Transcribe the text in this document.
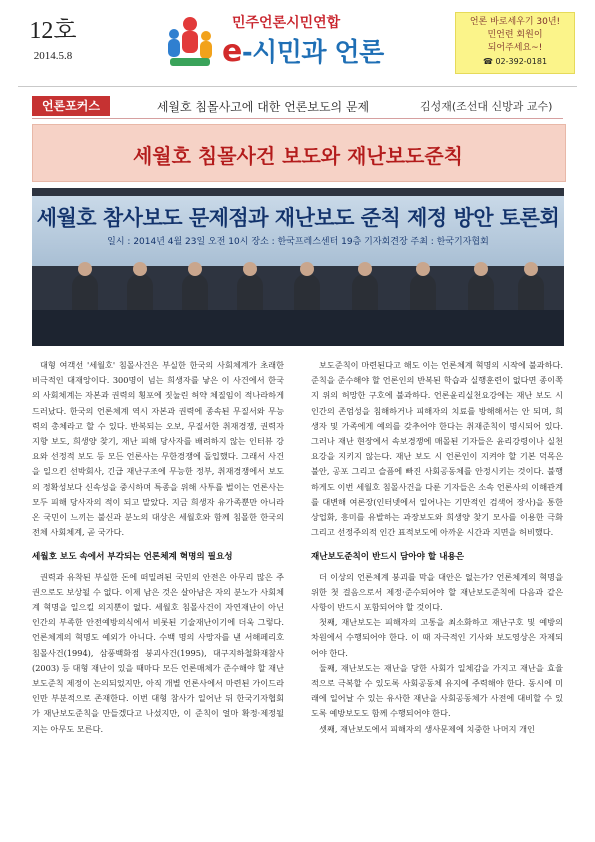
12호
2014.5.8
민주언론시민연합
e-시민과 언론
언론 바로세우기 30년!
민언련 회원이
되어주세요~!
☎ 02-392-0181
언론포커스	세월호 침몰사고에 대한 언론보도의 문제	김성재(조선대 신방과 교수)
세월호 침몰사건 보도와 재난보도준칙
세월호 참사보도 문제점과 재난보도 준칙 제정 방안 토론회
일시 : 2014년 4월 23일 오전 10시 장소 : 한국프레스센터 19층 기자회견장 주최 : 한국기자협회

대형 여객선 '세월호' 침몰사건은 부실한 한국의 사회체계가 초래한 비극적인 대재앙이다. 300명이 넘는 희생자를 낳은 이 사건에서 한국의 사회체계는 자본과 권력의 횡포에 짓눌린 허약 체질임이 적나라하게 드러났다. 한국의 언론체계 역시 자본과 권력에 종속된 무질서와 무능력의 총체라고 할 수 있다. 반복되는 오보, 무질서한 취재경쟁, 권력자 지향 보도, 희생양 찾기, 재난 피해 당사자를 배려하지 않는 인터뷰 강요와 선정적 보도 등 모든 언론사는 무한경쟁에 돌입했다. 그래서 사건을 일으킨 선박회사, 긴급 재난구조에 무능한 정부, 취재경쟁에서 보도의 정확성보다 신속성을 중시하며 특종을 위해 사투를 벌이는 언론사는 모두 피해 당사자의 적이 되고 말았다. 지금 희생자 유가족뿐만 아니라 온 국민이 느끼는 불신과 분노의 대상은 세월호와 함께 침몰한 한국의 전체 사회체계, 곧 국가다.

세월호 보도 속에서 부각되는 언론체계 혁명의 필요성

권력과 유착된 부실한 돈에 떠밀려된 국민의 안전은 아무리 많은 주권으로도 보상될 수 없다. 이제 남은 것은 살아남은 자의 분노가 사회체계 혁명을 일으킬 의지뿐이 없다. 세월호 침몰사건이 자연재난이 아닌 인간의 부족한 안전예방의식에서 비롯된 기술재난이기에 더욱 그렇다. 언론체계의 혁명도 예외가 아니다. 수백 명의 사망자를 낸 서해페리호 침몰사건(1994), 삼풍백화점 붕괴사건(1995), 대구지하철화재참사(2003) 등 대형 재난이 있을 때마다 모든 언론매체가 준수해야 할 재난보도준칙 제정이 논의되었지만, 아직 개별 언론사에서 마련된 가이드라인만 부분적으로 존재한다. 이번 대형 참사가 일어난 뒤 한국기자협회가 재난보도준칙을 만들겠다고 나섰지만, 이 준칙이 얼마 확정·제정될지는 아무도 모른다.

보도준칙이 마련된다고 해도 이는 언론체계 혁명의 시작에 불과하다. 준칙을 준수해야 할 언론인의 반복된 학습과 실행훈련이 없다면 종이쪽지 위의 허망한 구호에 불과하다. 언론윤리실천요강에는 재난 보도 시 인간의 존엄성을 침해하거나 피해자의 치료를 방해해서는 안 되며, 희생자 및 가족에게 예의를 갖추어야 한다는 취재준칙이 명시되어 있다. 그러나 재난 현장에서 속보경쟁에 매몰된 기자들은 윤리강령이나 실천요강을 지키지 않는다. 재난 보도 시 언론인이 지켜야 할 기본 덕목은 불안, 공포 그리고 슬픔에 빠진 사회공동체를 안정시키는 것이다. 불행하게도 이번 세월호 침몰사건을 다룬 기자들은 소속 언론사의 이해관계를 대변해 여론장(인터넷에서 일어나는 기만적인 검색어 장사)을 통한 상업화, 흥미를 유발하는 과장보도와 희생양 찾기 모사를 이용한 극화 그리고 선정주의적 인간 표적보도에 아까운 시간과 지면을 허비했다.

재난보도준칙이 반드시 담아야 할 내용은

더 이상의 언론체계 붕괴를 막을 대안은 없는가? 언론체계의 혁명을 위한 첫 걸음으로서 제정·준수되어야 할 재난보도준칙에 다음과 같은 사항이 반드시 포함되어야 할 것이다.

첫째, 재난보도는 피해자의 고통을 최소화하고 재난구호 및 예방의 차원에서 수행되어야 한다. 이 때 자극적인 기사와 보도영상은 자제되어야 한다.

둘째, 재난보도는 재난을 당한 사회가 일체감을 가지고 재난을 효율적으로 극복할 수 있도록 사회공동체 유지에 주력해야 한다. 동시에 미래에 일어날 수 있는 유사한 재난을 사회공동체가 사전에 대비할 수 있도록 예방보도도 함께 수행되어야 한다.

셋째, 재난보도에서 피해자의 생사문제에 치중한 나머지 개인
